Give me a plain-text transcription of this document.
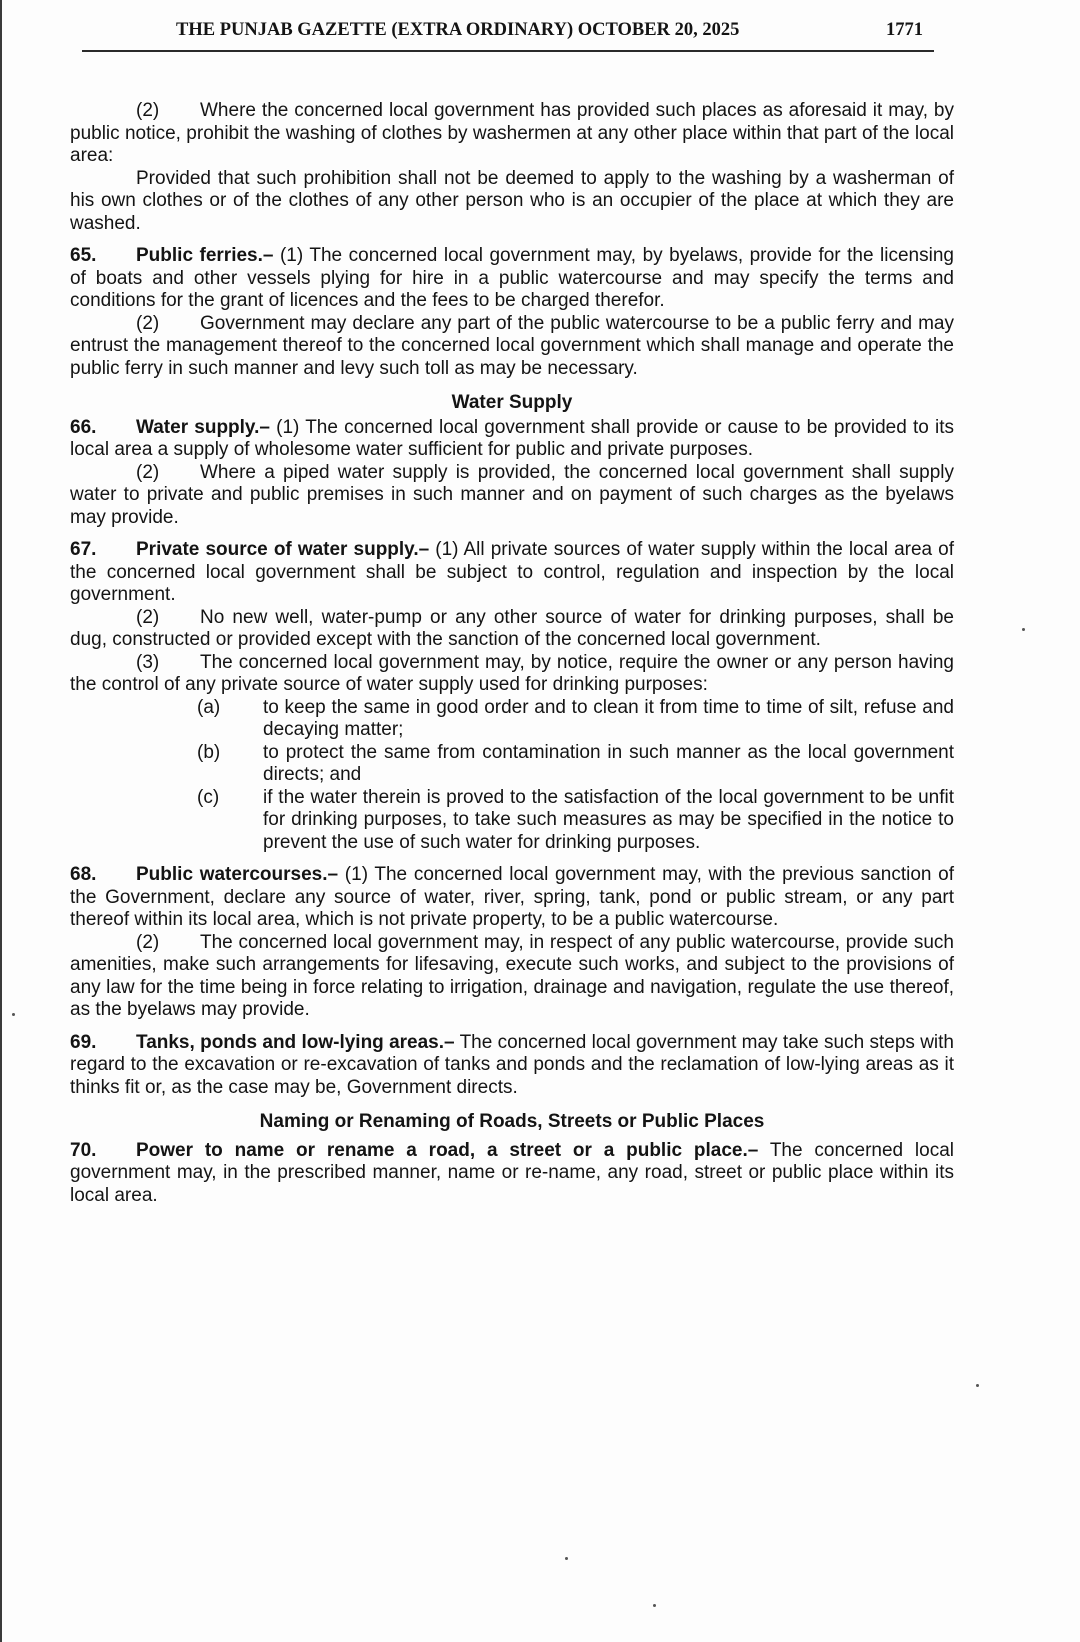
THE PUNJAB GAZETTE (EXTRA ORDINARY) OCTOBER 20, 2025	1771

(2) Where the concerned local government has provided such places as aforesaid it may, by public notice, prohibit the washing of clothes by washermen at any other place within that part of the local area:

Provided that such prohibition shall not be deemed to apply to the washing by a washerman of his own clothes or of the clothes of any other person who is an occupier of the place at which they are washed.

65. Public ferries.– (1) The concerned local government may, by byelaws, provide for the licensing of boats and other vessels plying for hire in a public watercourse and may specify the terms and conditions for the grant of licences and the fees to be charged therefor.

(2) Government may declare any part of the public watercourse to be a public ferry and may entrust the management thereof to the concerned local government which shall manage and operate the public ferry in such manner and levy such toll as may be necessary.

Water Supply

66. Water supply.– (1) The concerned local government shall provide or cause to be provided to its local area a supply of wholesome water sufficient for public and private purposes.

(2) Where a piped water supply is provided, the concerned local government shall supply water to private and public premises in such manner and on payment of such charges as the byelaws may provide.

67. Private source of water supply.– (1) All private sources of water supply within the local area of the concerned local government shall be subject to control, regulation and inspection by the local government.

(2) No new well, water-pump or any other source of water for drinking purposes, shall be dug, constructed or provided except with the sanction of the concerned local government.

(3) The concerned local government may, by notice, require the owner or any person having the control of any private source of water supply used for drinking purposes:

(a)	to keep the same in good order and to clean it from time to time of silt, refuse and decaying matter;
(b)	to protect the same from contamination in such manner as the local government directs; and
(c)	if the water therein is proved to the satisfaction of the local government to be unfit for drinking purposes, to take such measures as may be specified in the notice to prevent the use of such water for drinking purposes.

68. Public watercourses.– (1) The concerned local government may, with the previous sanction of the Government, declare any source of water, river, spring, tank, pond or public stream, or any part thereof within its local area, which is not private property, to be a public watercourse.

(2) The concerned local government may, in respect of any public watercourse, provide such amenities, make such arrangements for lifesaving, execute such works, and subject to the provisions of any law for the time being in force relating to irrigation, drainage and navigation, regulate the use thereof, as the byelaws may provide.

69. Tanks, ponds and low-lying areas.– The concerned local government may take such steps with regard to the excavation or re-excavation of tanks and ponds and the reclamation of low-lying areas as it thinks fit or, as the case may be, Government directs.

Naming or Renaming of Roads, Streets or Public Places

70. Power to name or rename a road, a street or a public place.– The concerned local government may, in the prescribed manner, name or re-name, any road, street or public place within its local area.
